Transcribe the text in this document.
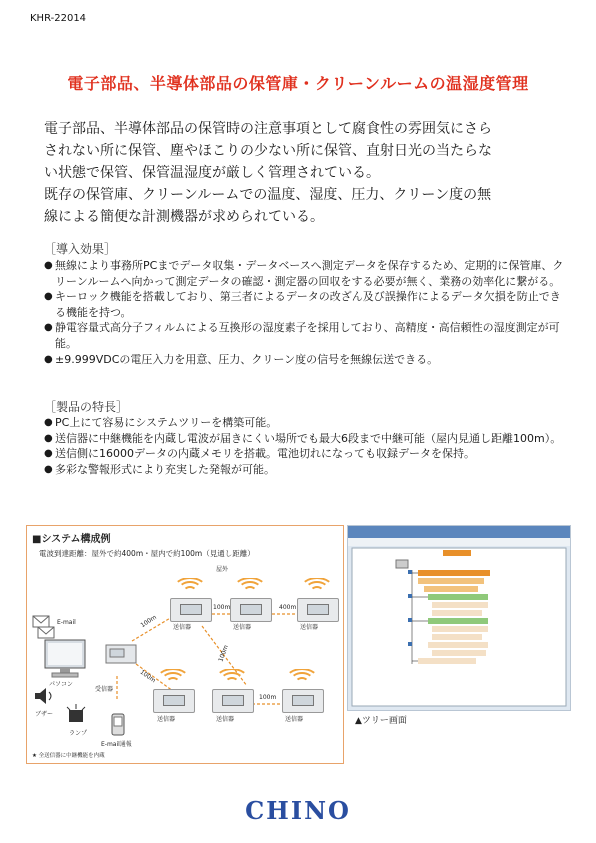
KHR-22014
電子部品、半導体部品の保管庫・クリーンルームの温湿度管理
電子部品、半導体部品の保管時の注意事項として腐食性の雰囲気にさら
されない所に保管、塵やほこりの少ない所に保管、直射日光の当たらな
い状態で保管、保管温湿度が厳しく管理されている。
既存の保管庫、クリーンルームでの温度、湿度、圧力、クリーン度の無
線による簡便な計測機器が求められている。
［導入効果］
● 無線により事務所PCまでデータ収集・データベースへ測定データを保存するため、定期的に保管庫、クリーンルームへ向かって測定データの確認・測定器の回収をする必要が無く、業務の効率化に繋がる。
● キーロック機能を搭載しており、第三者によるデータの改ざん及び誤操作によるデータ欠損を防止できる機能を持つ。
● 静電容量式高分子フィルムによる互換形の湿度素子を採用しており、高精度・高信頼性の湿度測定が可能。
● ±9.999VDCの電圧入力を用意、圧力、クリーン度の信号を無線伝送できる。
［製品の特長］
● PC上にて容易にシステムツリーを構築可能。
● 送信器に中継機能を内蔵し電波が届きにくい場所でも最大6段まで中継可能（屋内見通し距離100m）。
● 送信側に16000データの内蔵メモリを搭載。電池切れになっても収録データを保持。
● 多彩な警報形式により充実した発報が可能。
■システム構成例
電波到達距離：屋外で約400m・屋内で約100m（見通し距離）
E-mail
パソコン
受信器
ブザー
ランプ
E-mail通報
送信器
屋外
送信器	送信器
送信器	送信器	送信器
100m
100m	400m
100m
100m
100m
★ 全送信器に中継機能を内蔵
▲ツリー画面
CHINO
